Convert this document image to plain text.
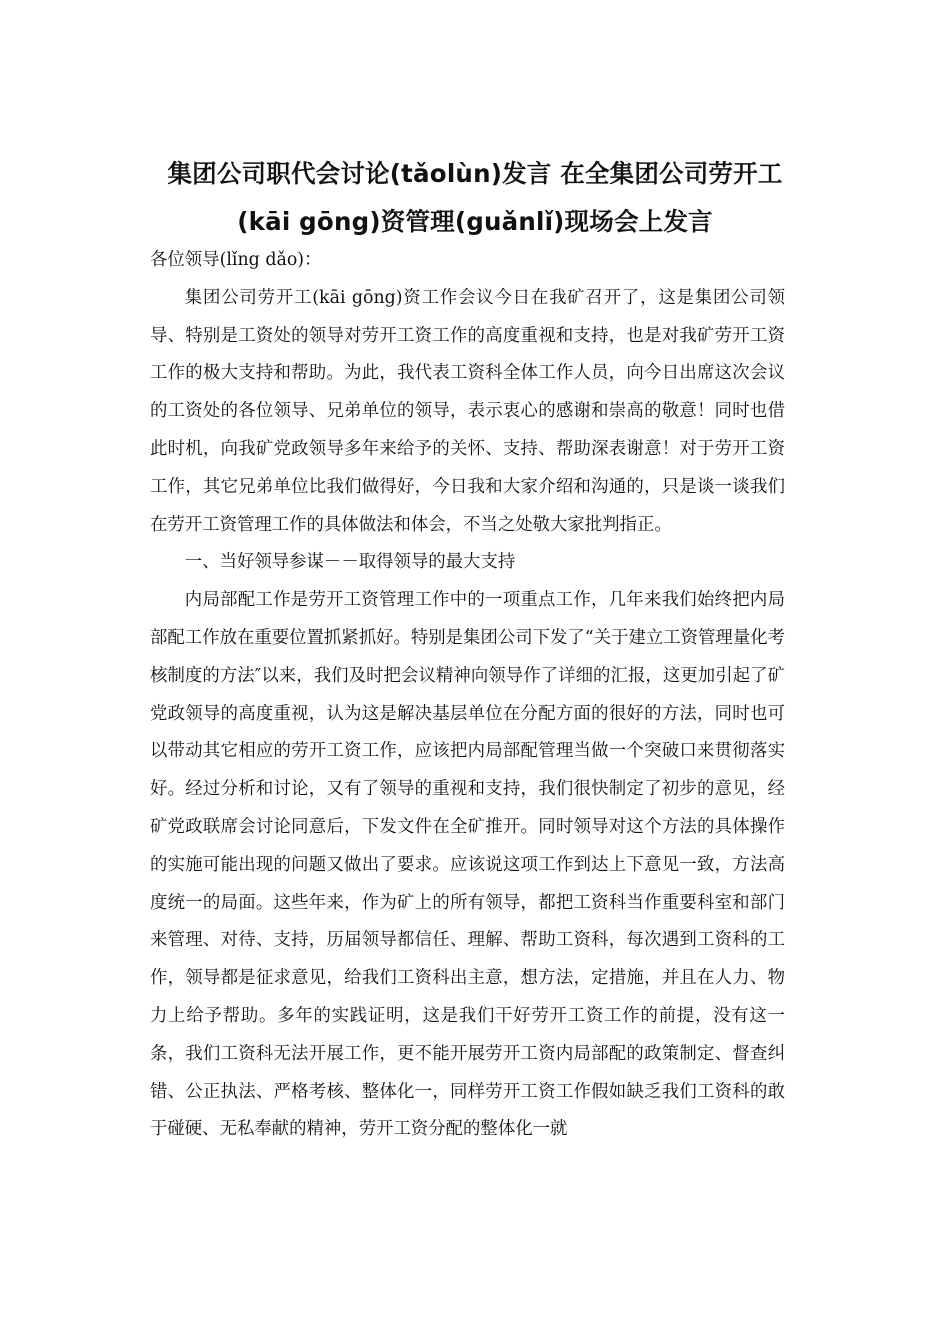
集团公司职代会讨论(tǎolùn)发言 在全集团公司劳开工(kāi gōng)资管理(guǎnlǐ)现场会上发言

各位领导(lǐng dǎo)：

集团公司劳开工(kāi gōng)资工作会议今日在我矿召开了，这是集团公司领导、特别是工资处的领导对劳开工资工作的高度重视和支持，也是对我矿劳开工资工作的极大支持和帮助。为此，我代表工资科全体工作人员，向今日出席这次会议的工资处的各位领导、兄弟单位的领导，表示衷心的感谢和崇高的敬意！同时也借此时机，向我矿党政领导多年来给予的关怀、支持、帮助深表谢意！对于劳开工资工作，其它兄弟单位比我们做得好，今日我和大家介绍和沟通的，只是谈一谈我们在劳开工资管理工作的具体做法和体会，不当之处敬大家批判指正。

一、当好领导参谋－－取得领导的最大支持

内局部配工作是劳开工资管理工作中的一项重点工作，几年来我们始终把内局部配工作放在重要位置抓紧抓好。特别是集团公司下发了“关于建立工资管理量化考核制度的方法″以来，我们及时把会议精神向领导作了详细的汇报，这更加引起了矿党政领导的高度重视，认为这是解决基层单位在分配方面的很好的方法，同时也可以带动其它相应的劳开工资工作，应该把内局部配管理当做一个突破口来贯彻落实好。经过分析和讨论，又有了领导的重视和支持，我们很快制定了初步的意见，经矿党政联席会讨论同意后，下发文件在全矿推开。同时领导对这个方法的具体操作的实施可能出现的问题又做出了要求。应该说这项工作到达上下意见一致，方法高度统一的局面。这些年来，作为矿上的所有领导，都把工资科当作重要科室和部门来管理、对待、支持，历届领导都信任、理解、帮助工资科，每次遇到工资科的工作，领导都是征求意见，给我们工资科出主意，想方法，定措施，并且在人力、物力上给予帮助。多年的实践证明，这是我们干好劳开工资工作的前提，没有这一条，我们工资科无法开展工作，更不能开展劳开工资内局部配的政策制定、督查纠错、公正执法、严格考核、整体化一，同样劳开工资工作假如缺乏我们工资科的敢于碰硬、无私奉献的精神，劳开工资分配的整体化一就
